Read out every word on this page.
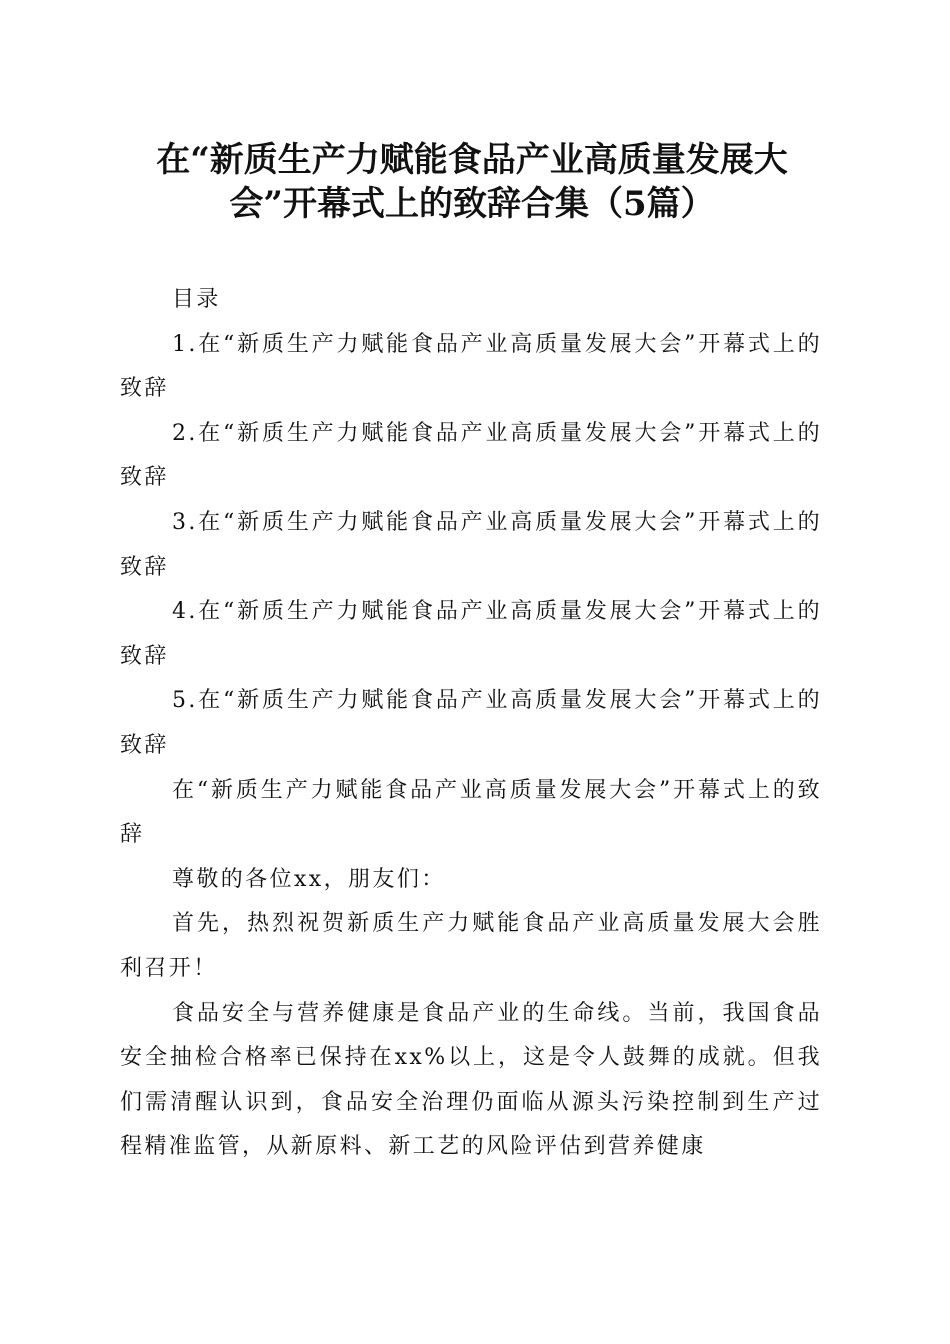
在“新质生产力赋能食品产业高质量发展大
会”开幕式上的致辞合集（5篇）

目录

1.在“新质生产力赋能食品产业高质量发展大会”开幕式上的致辞

2.在“新质生产力赋能食品产业高质量发展大会”开幕式上的致辞

3.在“新质生产力赋能食品产业高质量发展大会”开幕式上的致辞

4.在“新质生产力赋能食品产业高质量发展大会”开幕式上的致辞

5.在“新质生产力赋能食品产业高质量发展大会”开幕式上的致辞

在“新质生产力赋能食品产业高质量发展大会”开幕式上的致辞

尊敬的各位xx，朋友们：

首先，热烈祝贺新质生产力赋能食品产业高质量发展大会胜利召开！

食品安全与营养健康是食品产业的生命线。当前，我国食品安全抽检合格率已保持在xx%以上，这是令人鼓舞的成就。但我们需清醒认识到，食品安全治理仍面临从源头污染控制到生产过程精准监管，从新原料、新工艺的风险评估到营养健康
